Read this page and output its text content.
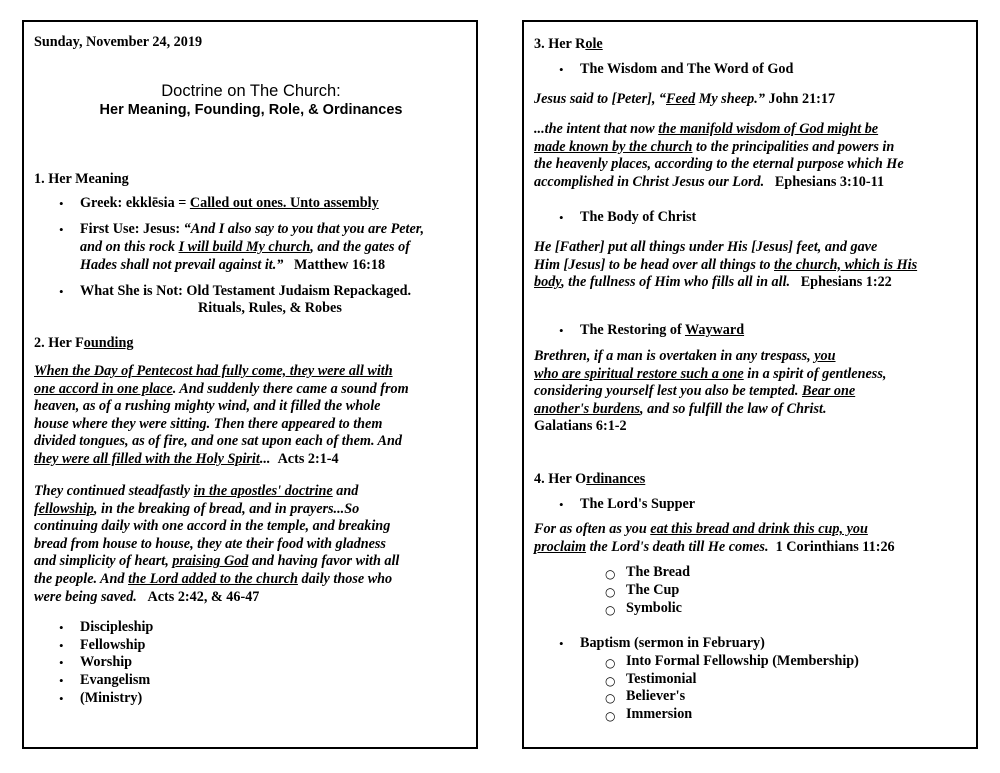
Sunday, November 24, 2019
Doctrine on The Church:
Her Meaning, Founding, Role, & Ordinances
1. Her Meaning
• Greek: ekklēsia = Called out ones. Unto assembly
• First Use: Jesus: “And I also say to you that you are Peter,
and on this rock I will build My church, and the gates of
Hades shall not prevail against it.” Matthew 16:18
• What She is Not: Old Testament Judaism Repackaged.
Rituals, Rules, & Robes
2. Her Founding
When the Day of Pentecost had fully come, they were all with
one accord in one place. And suddenly there came a sound from
heaven, as of a rushing mighty wind, and it filled the whole
house where they were sitting. Then there appeared to them
divided tongues, as of fire, and one sat upon each of them. And
they were all filled with the Holy Spirit... Acts 2:1-4
They continued steadfastly in the apostles' doctrine and
fellowship, in the breaking of bread, and in prayers...So
continuing daily with one accord in the temple, and breaking
bread from house to house, they ate their food with gladness
and simplicity of heart, praising God and having favor with all
the people. And the Lord added to the church daily those who
were being saved. Acts 2:42, & 46-47
• Discipleship
• Fellowship
• Worship
• Evangelism
• (Ministry)
3. Her Role
• The Wisdom and The Word of God
Jesus said to [Peter], “Feed My sheep.” John 21:17
...the intent that now the manifold wisdom of God might be
made known by the church to the principalities and powers in
the heavenly places, according to the eternal purpose which He
accomplished in Christ Jesus our Lord. Ephesians 3:10-11
• The Body of Christ
He [Father] put all things under His [Jesus] feet, and gave
Him [Jesus] to be head over all things to the church, which is His
body, the fullness of Him who fills all in all. Ephesians 1:22
• The Restoring of Wayward
Brethren, if a man is overtaken in any trespass, you
who are spiritual restore such a one in a spirit of gentleness,
considering yourself lest you also be tempted. Bear one
another's burdens, and so fulfill the law of Christ.
Galatians 6:1-2
4. Her Ordinances
• The Lord's Supper
For as often as you eat this bread and drink this cup, you
proclaim the Lord's death till He comes. 1 Corinthians 11:26
○ The Bread
○ The Cup
○ Symbolic
• Baptism (sermon in February)
○ Into Formal Fellowship (Membership)
○ Testimonial
○ Believer's
○ Immersion
